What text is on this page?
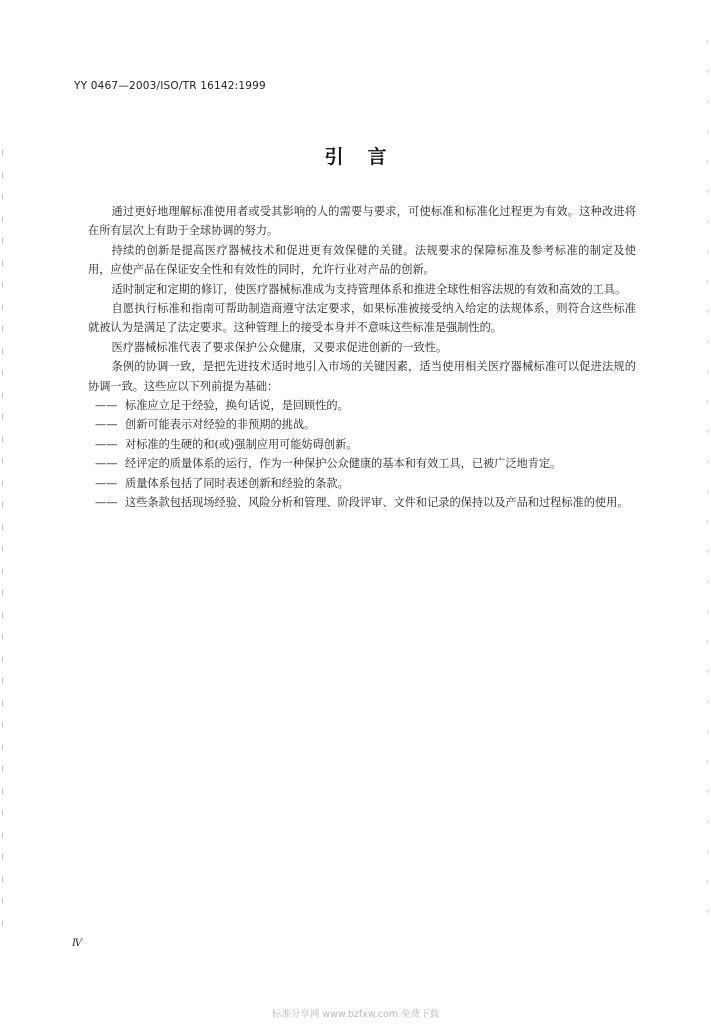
YY 0467—2003/ISO/TR 16142:1999
引言

通过更好地理解标准使用者或受其影响的人的需要与要求，可使标准和标准化过程更为有效。这种改进将在所有层次上有助于全球协调的努力。

持续的创新是提高医疗器械技术和促进更有效保健的关键。法规要求的保障标准及参考标准的制定及使用，应使产品在保证安全性和有效性的同时，允许行业对产品的创新。

适时制定和定期的修订，使医疗器械标准成为支持管理体系和推进全球性相容法规的有效和高效的工具。

自愿执行标准和指南可帮助制造商遵守法定要求，如果标准被接受纳入给定的法规体系，则符合这些标准就被认为是满足了法定要求。这种管理上的接受本身并不意味这些标准是强制性的。

医疗器械标准代表了要求保护公众健康，又要求促进创新的一致性。

条例的协调一致，是把先进技术适时地引入市场的关键因素，适当使用相关医疗器械标准可以促进法规的协调一致。这些应以下列前提为基础：

—— 标准应立足于经验，换句话说，是回顾性的。
—— 创新可能表示对经验的非预期的挑战。
—— 对标准的生硬的和(或)强制应用可能妨碍创新。
—— 经评定的质量体系的运行，作为一种保护公众健康的基本和有效工具，已被广泛地肯定。
—— 质量体系包括了同时表述创新和经验的条款。
—— 这些条款包括现场经验、风险分析和管理、阶段评审、文件和记录的保持以及产品和过程标准的使用。
Ⅳ
标准分享网 www.bzfxw.com 免费下载
